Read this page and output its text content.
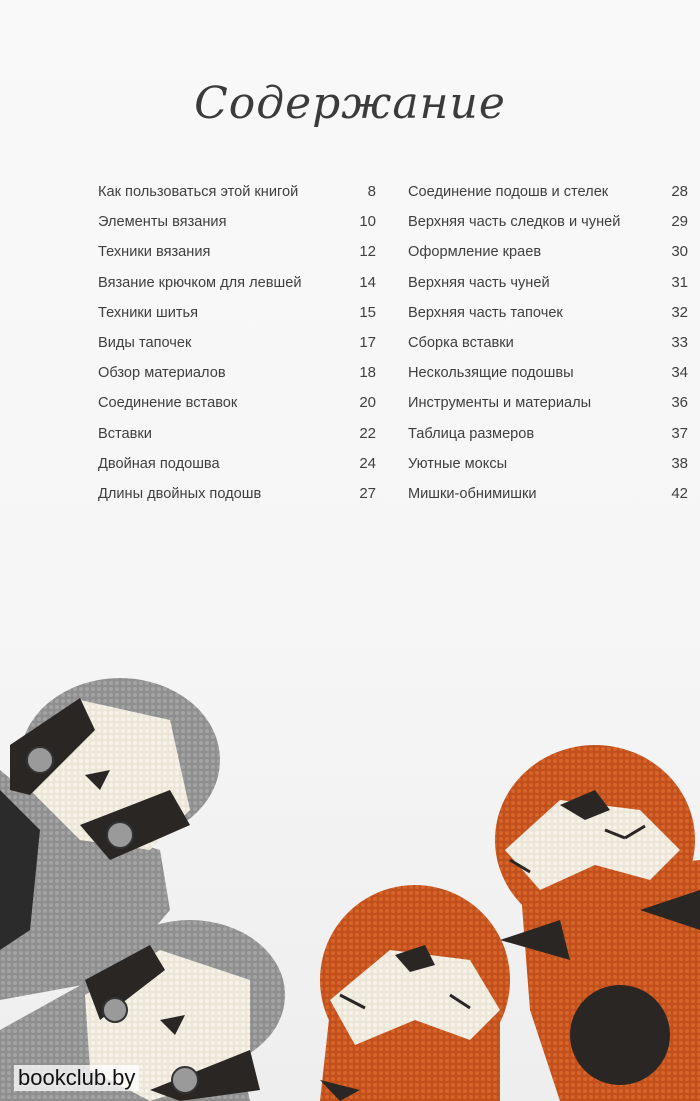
Содержание
Как пользоваться этой книгой	8
Элементы вязания	10
Техники вязания	12
Вязание крючком для левшей	14
Техники шитья	15
Виды тапочек	17
Обзор материалов	18
Соединение вставок	20
Вставки	22
Двойная подошва	24
Длины двойных подошв	27
Соединение подошв и стелек	28
Верхняя часть следков и чуней	29
Оформление краев	30
Верхняя часть чуней	31
Верхняя часть тапочек	32
Сборка вставки	33
Нескользящие подошвы	34
Инструменты и материалы	36
Таблица размеров	37
Уютные моксы	38
Мишки-обнимишки	42
bookclub.by
